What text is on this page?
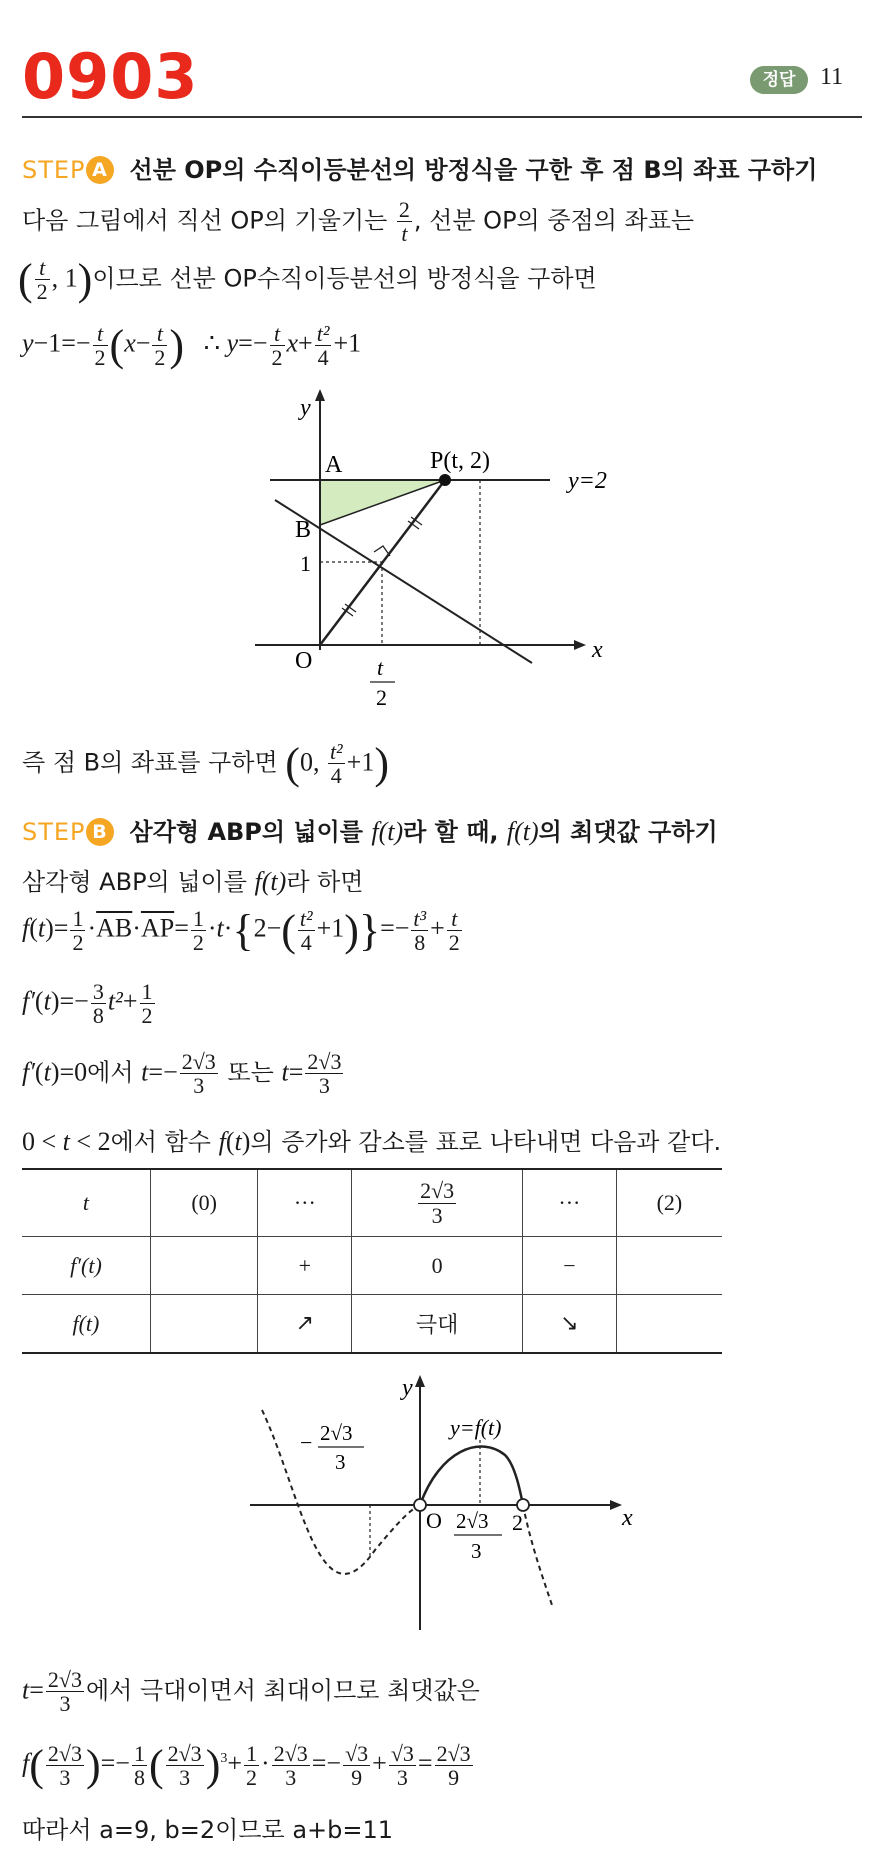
0903	정답	11
STEP A 선분 OP의 수직이등분선의 방정식을 구한 후 점 B의 좌표 구하기
다음 그림에서 직선 OP의 기울기는 $\frac{2}{t}$ , 선분 OP의 중점의 좌표는
( $\frac{t}{2}$ , 1)이므로 선분 OP수직이등분선의 방정식을 구하면
$y-1=- \frac{t}{2} (x- \frac{t}{2}$ )   ∴ $y=- \frac{t}{2} x+ \frac{\text{t²}}{4} +1$
y
x
O
A
B
P(t, 2)
y=2
1
t
2
즉 점 B의 좌표를 구하면 (0, $\frac{\text{t²}}{4} +1$)
STEP B 삼각형 ABP의 넓이를 f(t)라 할 때, f(t)의 최댓값 구하기
삼각형 ABP의 넓이를 f(t)라 하면
$f(t)= \frac{1}{2} \cdot\overline{AB}\cdot\overline{AP}= \frac{1}{2} \cdot t\cdot\{2-( \frac{\text{t²}}{4} +1)\}=- \frac{\text{t³}}{8} + \frac{t}{2}$
$f'(t)=- \frac{3}{8} t^2+ \frac{1}{2}$
f′(t)=0에서 $t=- \frac{2√3}{3}$ 또는 $t= \frac{2√3}{3}$
0 < t < 2에서 함수 f(t)의 증가와 감소를 표로 나타내면 다음과 같다.
t	(0)	···	$\frac{2√3}{3}$	···	(2)
f′(t)		+	0	−	
f(t)		↗	극대	↘	
y
x
O
y=f(t)
− 2√3
3
2√3
3
2
$t= \frac{2√3}{3}$ 에서 극대이면서 최대이므로 최댓값은
$f( \frac{2√3}{3}$ )=− $\frac{1}{8}$ ( $\frac{2√3}{3} )^3+ \frac{1}{2} \cdot \frac{2√3}{3} =- \frac{√3}{9} + \frac{√3}{3} = \frac{2√3}{9}$
따라서 a=9, b=2이므로 a+b=11
